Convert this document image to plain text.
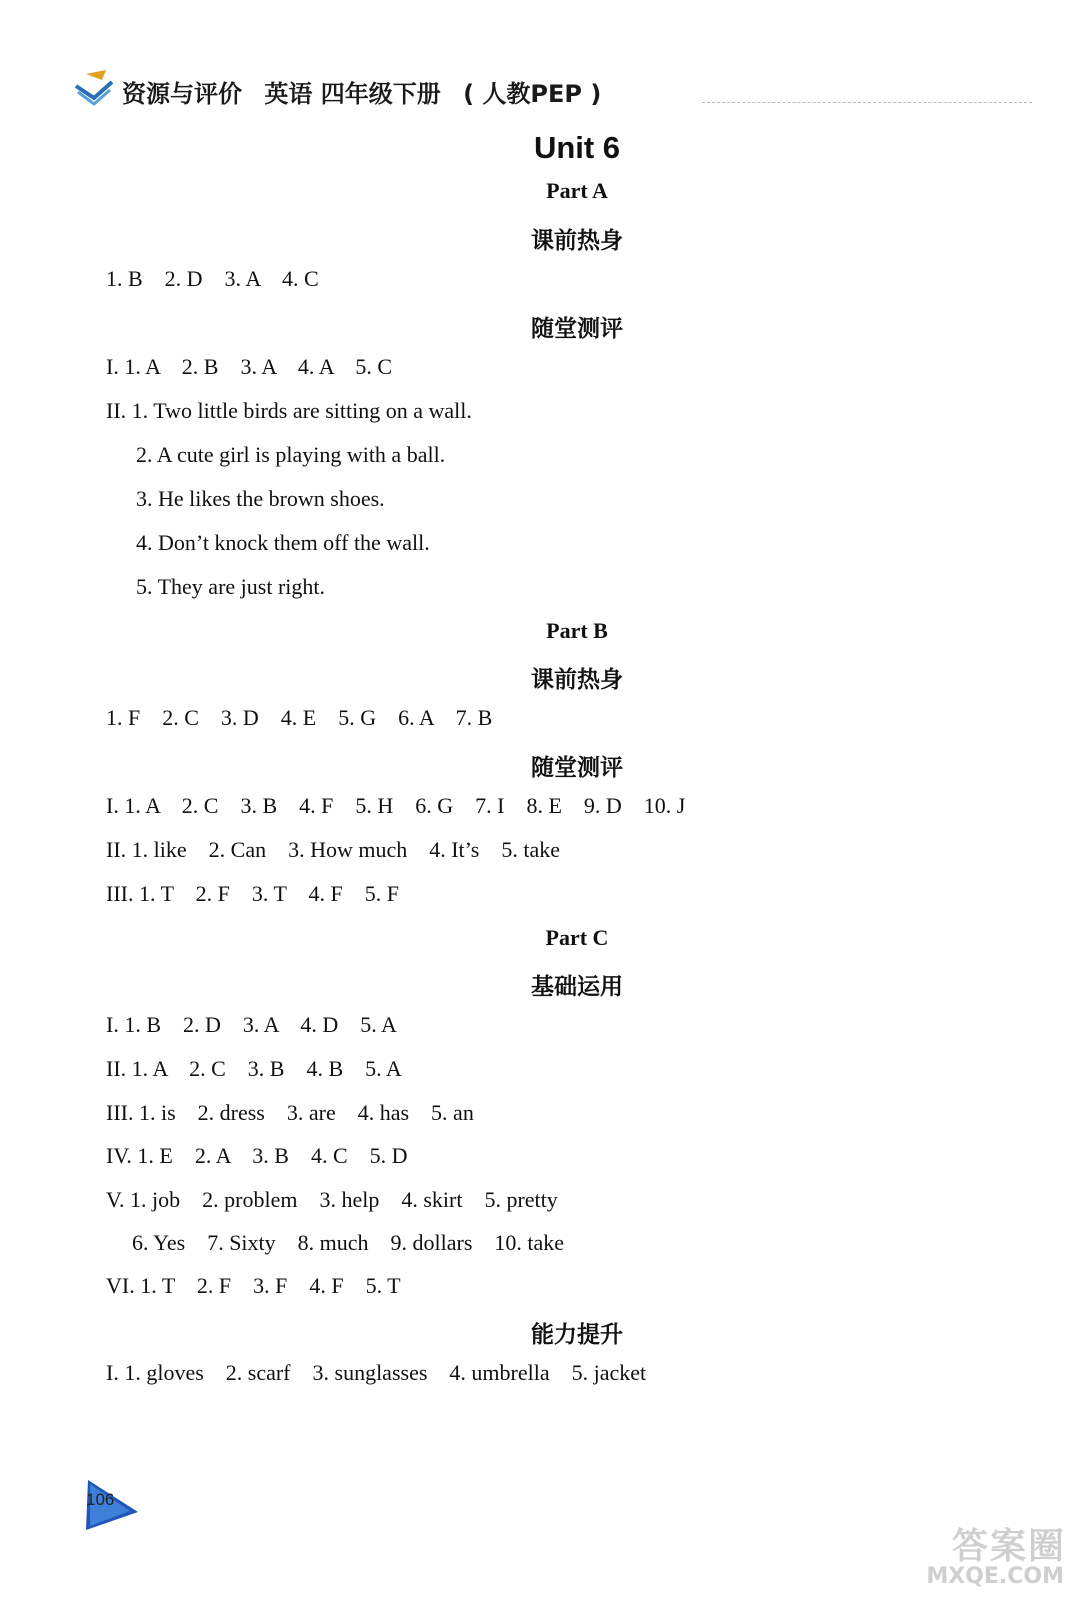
资源与评价 英语 四年级下册 ( 人教PEP )
Unit 6
Part A
课前热身
1. B    2. D    3. A    4. C
随堂测评
I. 1. A    2. B    3. A    4. A    5. C
II. 1. Two little birds are sitting on a wall.
2. A cute girl is playing with a ball.
3. He likes the brown shoes.
4. Don’t knock them off the wall.
5. They are just right.
Part B
课前热身
1. F    2. C    3. D    4. E    5. G    6. A    7. B
随堂测评
I. 1. A    2. C    3. B    4. F    5. H    6. G    7. I    8. E    9. D    10. J
II. 1. like    2. Can    3. How much    4. It’s    5. take
III. 1. T    2. F    3. T    4. F    5. F
Part C
基础运用
I. 1. B    2. D    3. A    4. D    5. A
II. 1. A    2. C    3. B    4. B    5. A
III. 1. is    2. dress    3. are    4. has    5. an
IV. 1. E    2. A    3. B    4. C    5. D
V. 1. job    2. problem    3. help    4. skirt    5. pretty
6. Yes    7. Sixty    8. much    9. dollars    10. take
VI. 1. T    2. F    3. F    4. F    5. T
能力提升
I. 1. gloves    2. scarf    3. sunglasses    4. umbrella    5. jacket
106
答案圈
MXQE.COM
